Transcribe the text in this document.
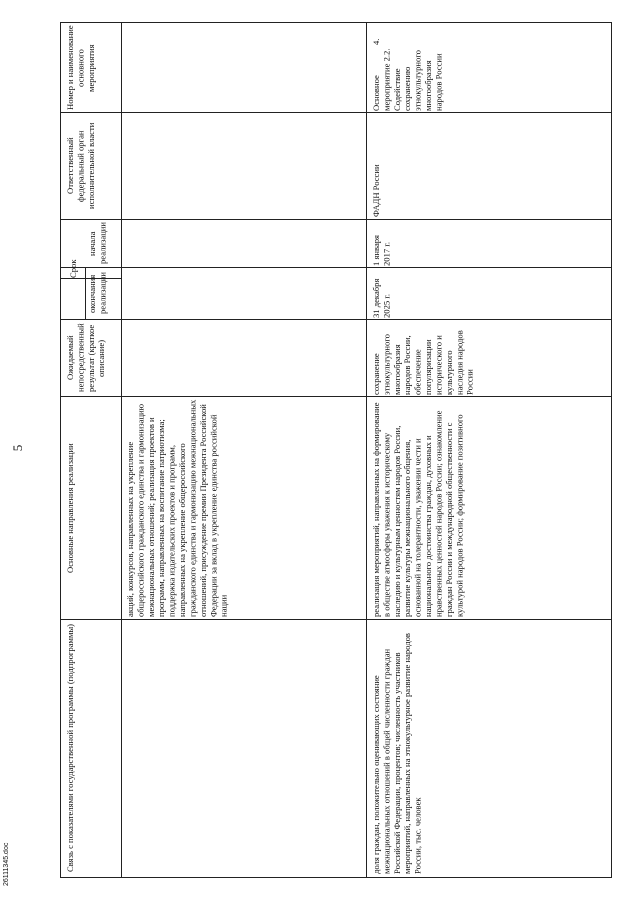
5
26111345.doc
Номер и наименование основного мероприятия
Ответственный федеральный орган исполнительной власти
начала реализации
окончания реализации
Срок
Ожидаемый непосредственный результат (краткое описание)
Основные направления реализации
Связь с показателями государственной программы (подпрограммы)
акций, конкурсов, направленных на укрепление общероссийского гражданского единства и гармонизацию межнациональных отношений; реализация проектов и программ, направленных на воспитание патриотизма; поддержка издательских проектов и программ, направленных на укрепление общероссийского гражданского единства и гармонизацию межнациональных отношений, присуждение премии Президента Российской Федерации за вклад в укрепление единства российской нации
4.
Основное мероприятие 2.2. Содействие сохранению этнокультурного многообразия народов России
ФАДН России
1 января 2017 г.
31 декабря 2025 г.
сохранение этнокультурного многообразия народов России, обеспечение популяризации исторического и культурного наследия народов России
реализация мероприятий, направленных на формирование в обществе атмосферы уважения к историческому наследию и культурным ценностям народов России, развитие культуры межнационального общения, основанной на толерантности, уважении чести и национального достоинства граждан, духовных и нравственных ценностей народов России; ознакомление граждан России и международной общественности с культурой народов России; формирование позитивного
доля граждан, положительно оценивающих состояние межнациональных отношений в общей численности граждан Российской Федерации, процентов; численность участников мероприятий, направленных на этнокультурное развитие народов России, тыс. человек
